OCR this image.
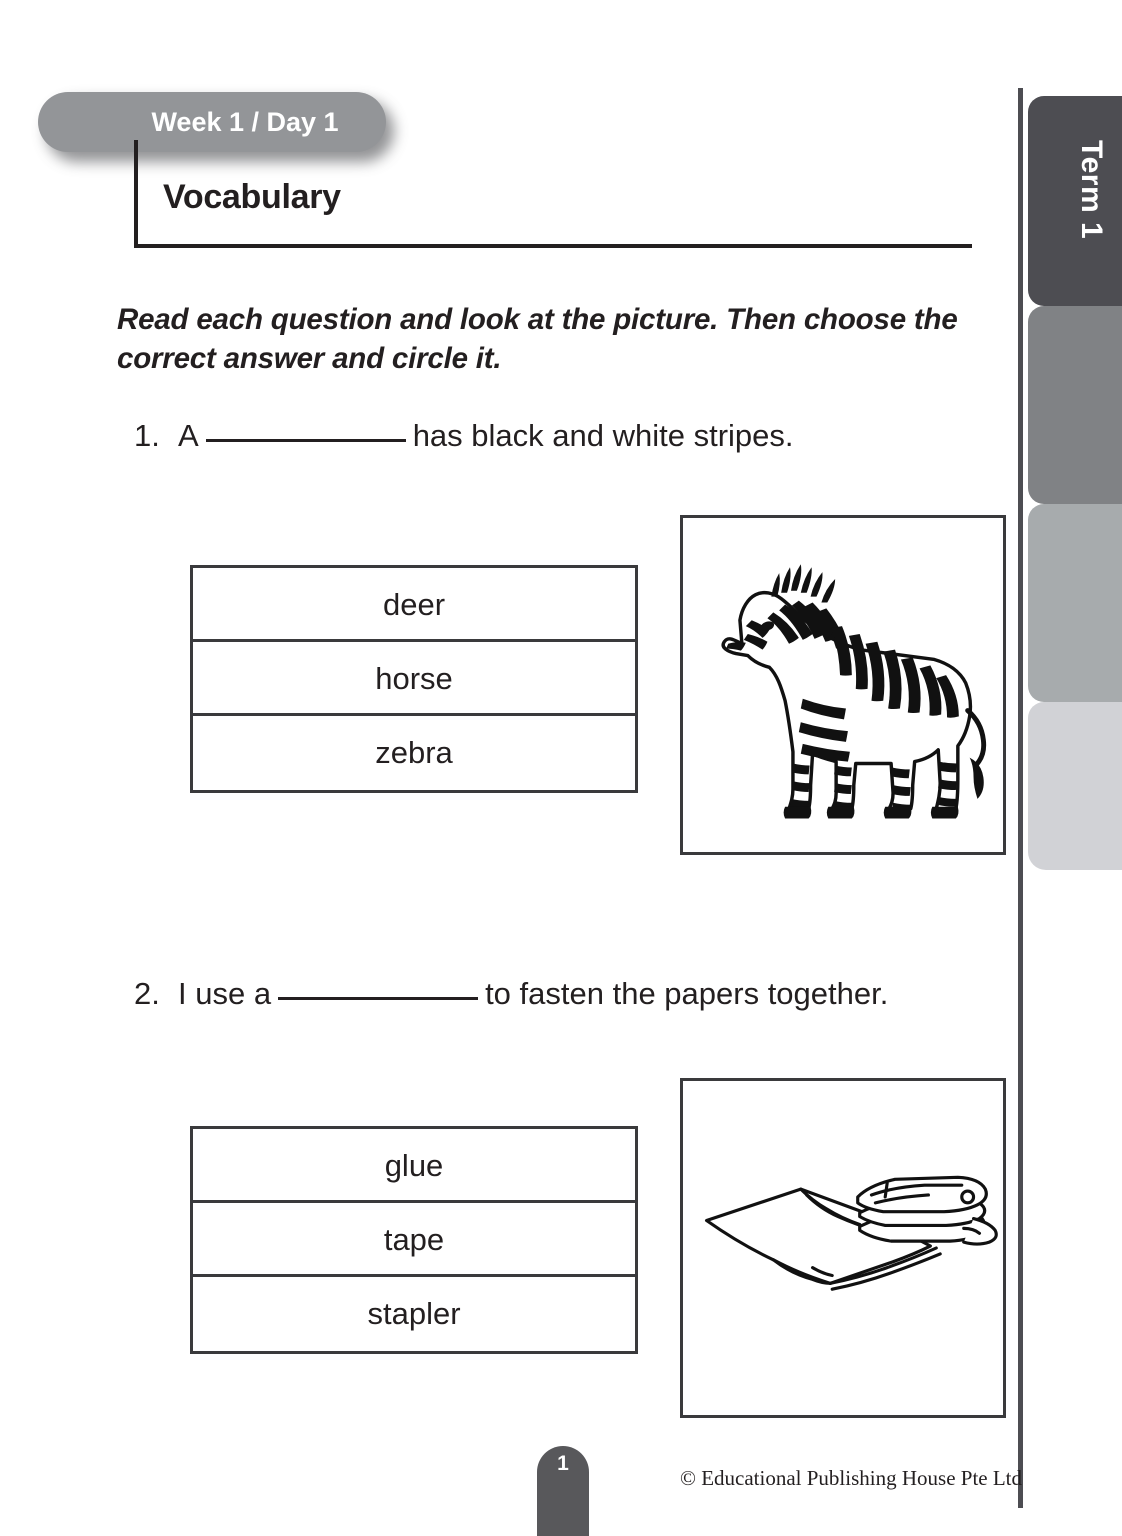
Term 1
Week 1 / Day 1
Vocabulary
Read each question and look at the picture. Then choose the correct answer and circle it.
1. A	has black and white stripes.
deer
horse
zebra
2. I use a	to fasten the papers together.
glue
tape
stapler
1
© Educational Publishing House Pte Ltd
